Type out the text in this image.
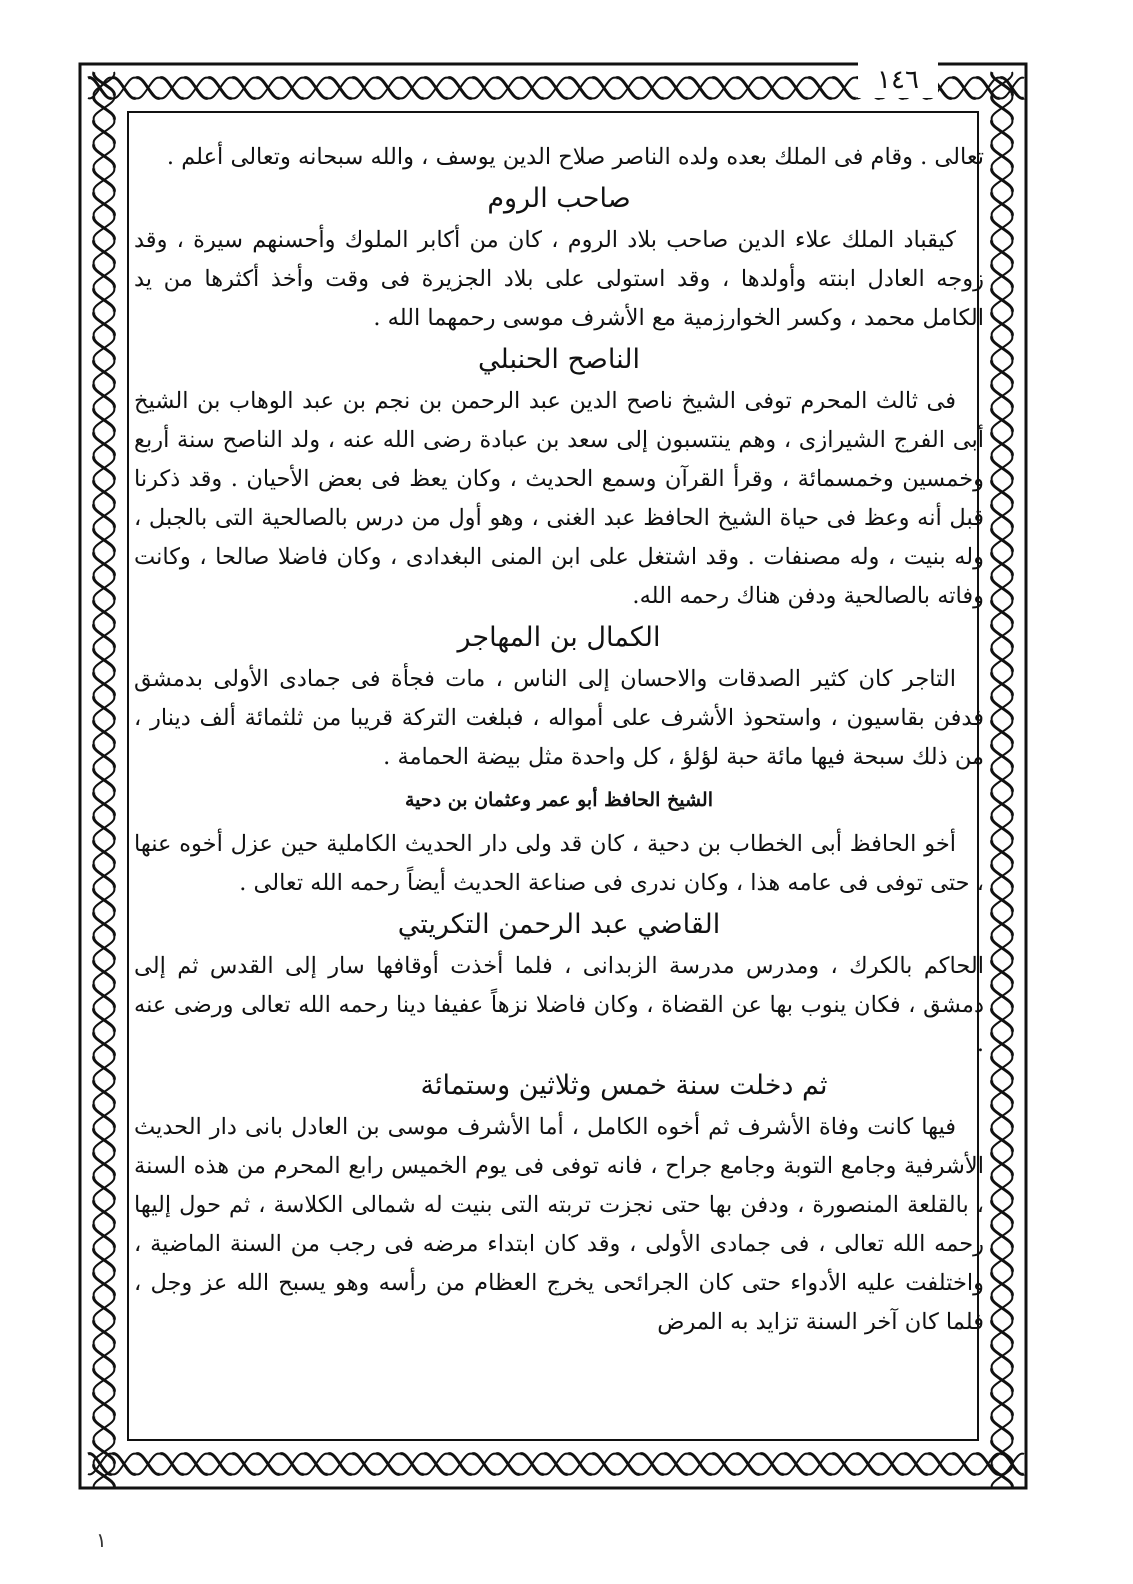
١٤٦

تعالى . وقام فى الملك بعده ولده الناصر صلاح الدين يوسف ، والله سبحانه وتعالى أعلم .

صاحب الروم

كيقباد الملك علاء الدين صاحب بلاد الروم ، كان من أكابر الملوك وأحسنهم سيرة ، وقد زوجه العادل ابنته وأولدها ، وقد استولى على بلاد الجزيرة فى وقت وأخذ أكثرها من يد الكامل محمد ، وكسر الخوارزمية مع الأشرف موسى رحمهما الله .

الناصح الحنبلي

فى ثالث المحرم توفى الشيخ ناصح الدين عبد الرحمن بن نجم بن عبد الوهاب بن الشيخ أبى الفرج الشيرازى ، وهم ينتسبون إلى سعد بن عبادة رضى الله عنه ، ولد الناصح سنة أربع وخمسين وخمسمائة ، وقرأ القرآن وسمع الحديث ، وكان يعظ فى بعض الأحيان . وقد ذكرنا قبل أنه وعظ فى حياة الشيخ الحافظ عبد الغنى ، وهو أول من درس بالصالحية التى بالجبل ، وله بنيت ، وله مصنفات . وقد اشتغل على ابن المنى البغدادى ، وكان فاضلا صالحا ، وكانت وفاته بالصالحية ودفن هناك رحمه الله.

الكمال بن المهاجر

التاجر كان كثير الصدقات والاحسان إلى الناس ، مات فجأة فى جمادى الأولى بدمشق فدفن بقاسيون ، واستحوذ الأشرف على أمواله ، فبلغت التركة قريبا من ثلثمائة ألف دينار ، من ذلك سبحة فيها مائة حبة لؤلؤ ، كل واحدة مثل بيضة الحمامة .

الشيخ الحافظ أبو عمر وعثمان بن دحية

أخو الحافظ أبى الخطاب بن دحية ، كان قد ولى دار الحديث الكاملية حين عزل أخوه عنها ، حتى توفى فى عامه هذا ، وكان ندرى فى صناعة الحديث أيضاً رحمه الله تعالى .

القاضي عبد الرحمن التكريتي

الحاكم بالكرك ، ومدرس مدرسة الزبدانى ، فلما أخذت أوقافها سار إلى القدس ثم إلى دمشق ، فكان ينوب بها عن القضاة ، وكان فاضلا نزهاً عفيفا دينا رحمه الله تعالى ورضى عنه .

ثم دخلت سنة خمس وثلاثين وستمائة

فيها كانت وفاة الأشرف ثم أخوه الكامل ، أما الأشرف موسى بن العادل بانى دار الحديث الأشرفية وجامع التوبة وجامع جراح ، فانه توفى فى يوم الخميس رابع المحرم من هذه السنة ، بالقلعة المنصورة ، ودفن بها حتى نجزت تربته التى بنيت له شمالى الكلاسة ، ثم حول إليها رحمه الله تعالى ، فى جمادى الأولى ، وقد كان ابتداء مرضه فى رجب من السنة الماضية ، واختلفت عليه الأدواء حتى كان الجرائحى يخرج العظام من رأسه وهو يسبح الله عز وجل ، فلما كان آخر السنة تزايد به المرض

١
